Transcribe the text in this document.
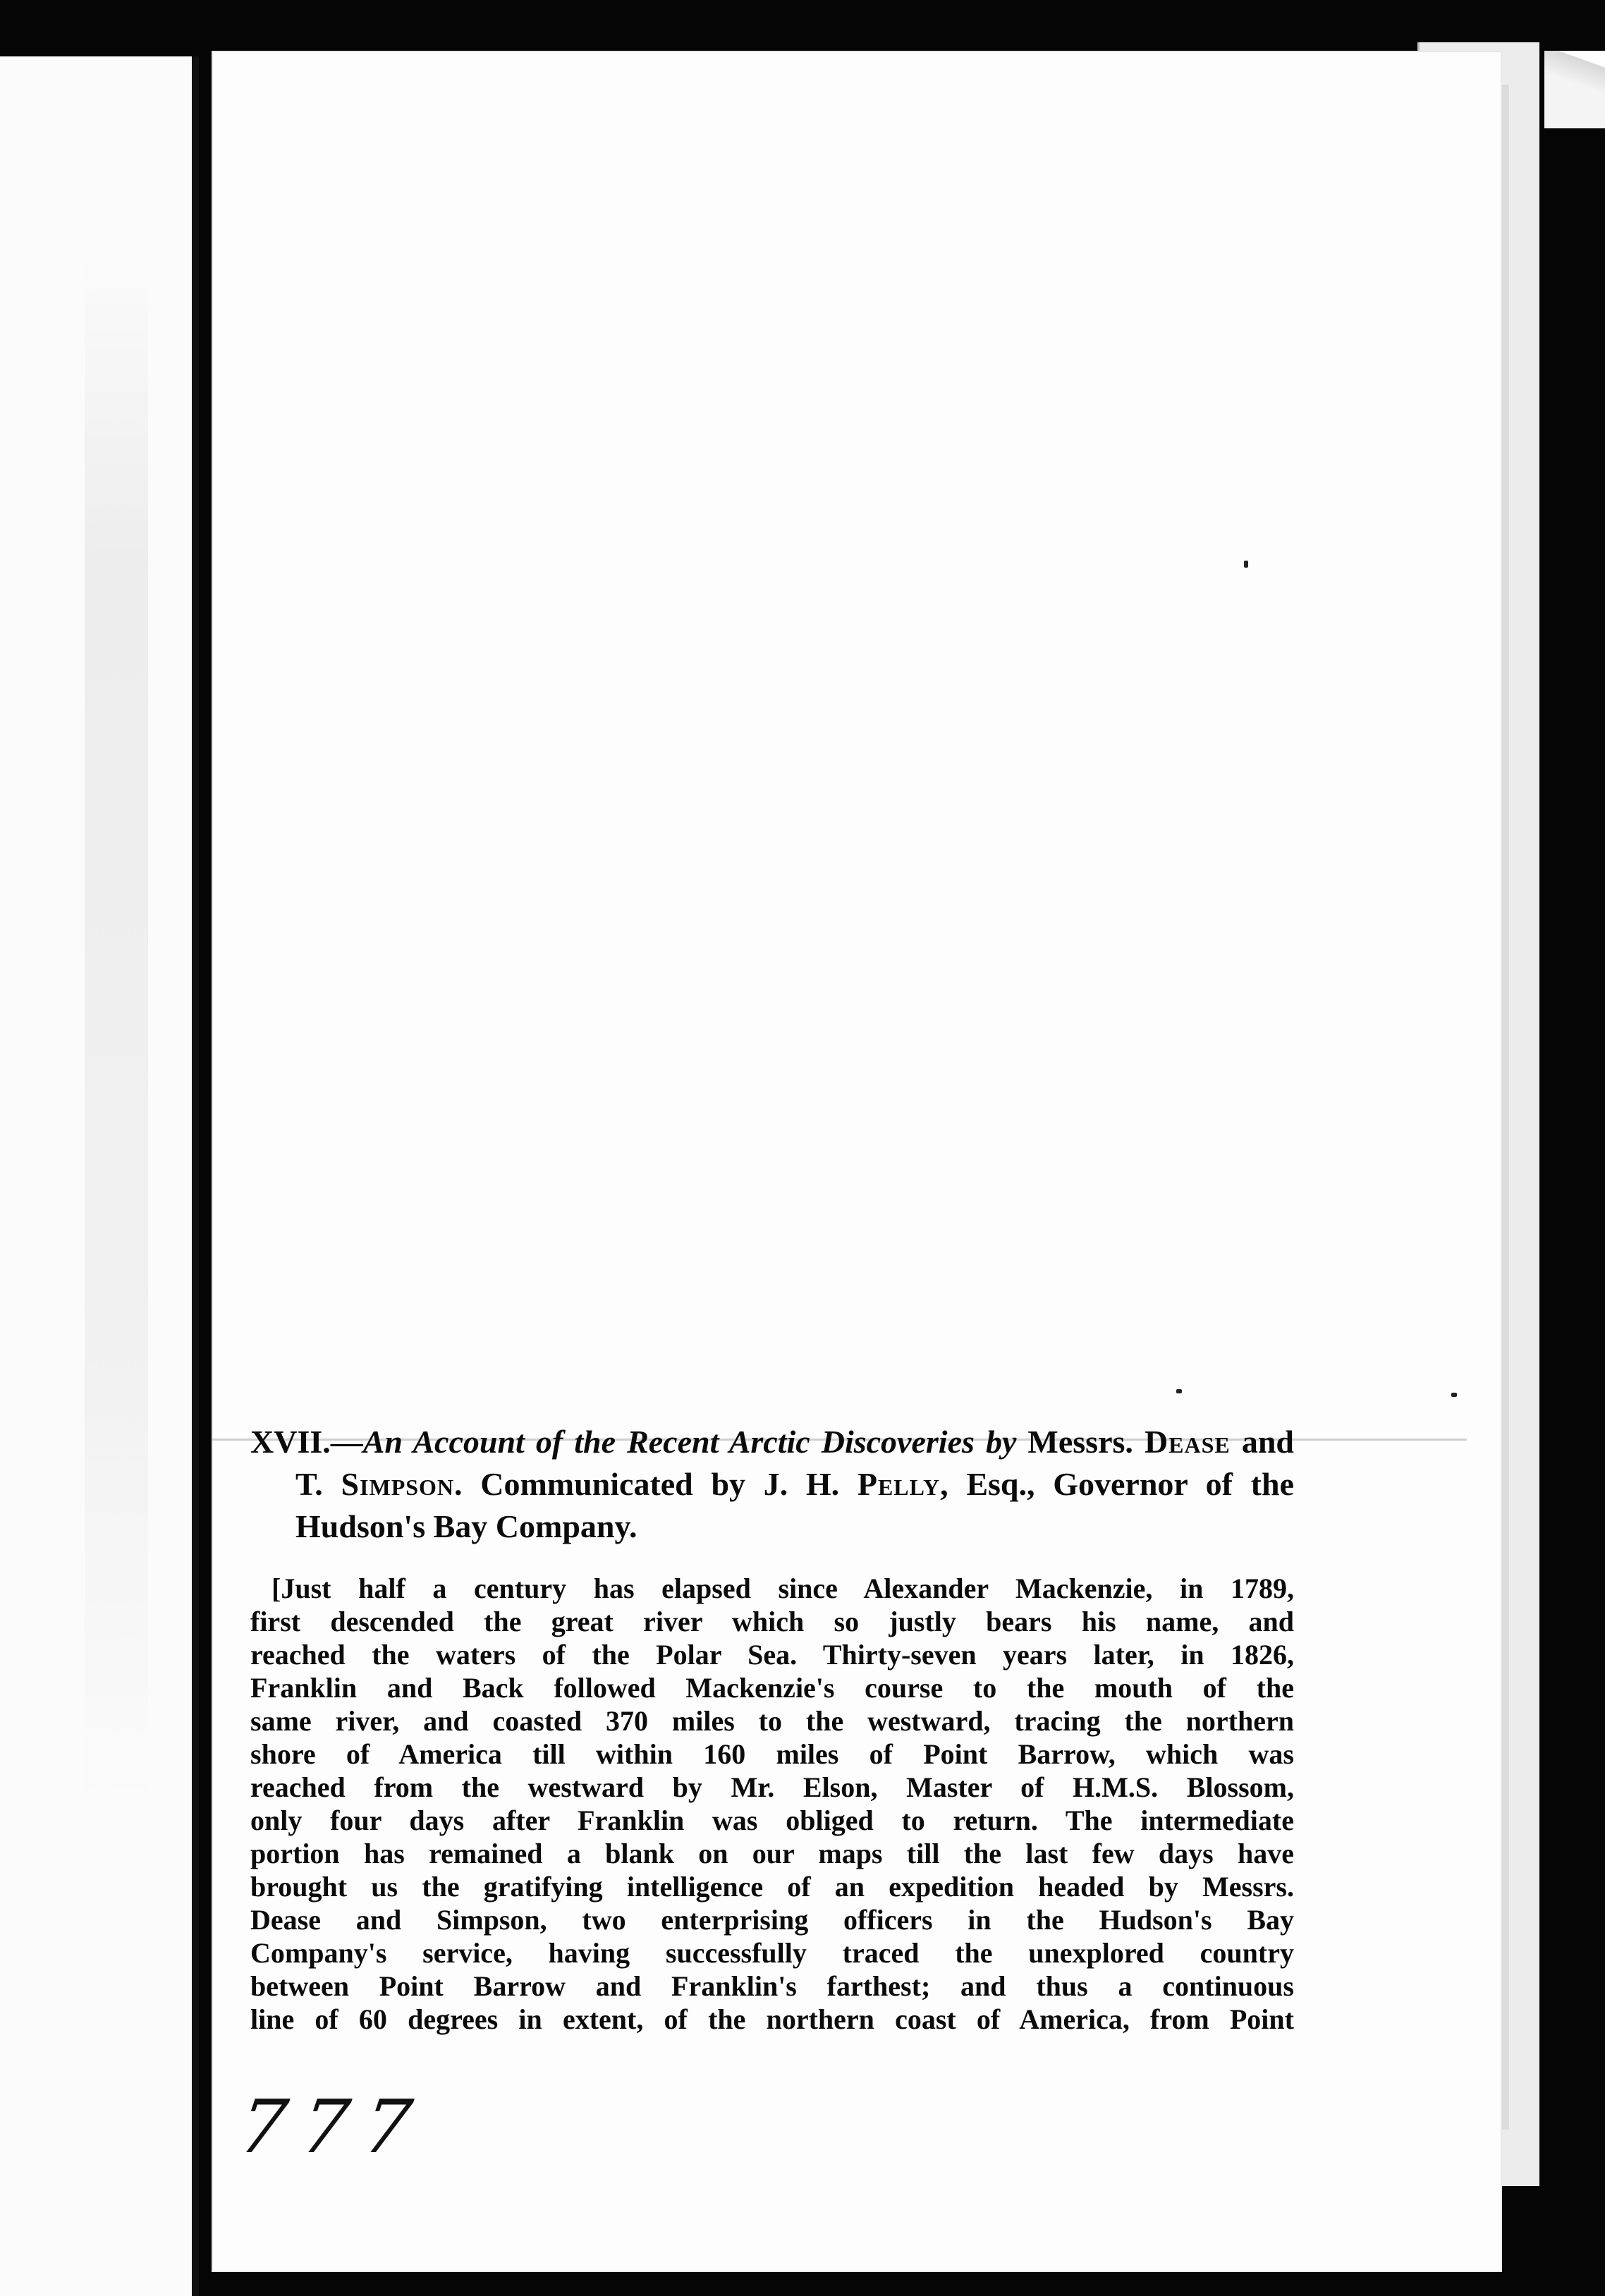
XVII.—An Account of the Recent Arctic Discoveries by Messrs. Dease and T. Simpson. Communicated by J. H. Pelly, Esq., Governor of the Hudson's Bay Company.

[Just half a century has elapsed since Alexander Mackenzie, in 1789,

first descended the great river which so justly bears his name, and

reached the waters of the Polar Sea. Thirty-seven years later, in 1826,

Franklin and Back followed Mackenzie's course to the mouth of the

same river, and coasted 370 miles to the westward, tracing the northern

shore of America till within 160 miles of Point Barrow, which was

reached from the westward by Mr. Elson, Master of H.M.S. Blossom,

only four days after Franklin was obliged to return. The intermediate

portion has remained a blank on our maps till the last few days have

brought us the gratifying intelligence of an expedition headed by Messrs.

Dease and Simpson, two enterprising officers in the Hudson's Bay

Company's service, having successfully traced the unexplored country

between Point Barrow and Franklin's farthest; and thus a continuous

line of 60 degrees in extent, of the northern coast of America, from Point

777
